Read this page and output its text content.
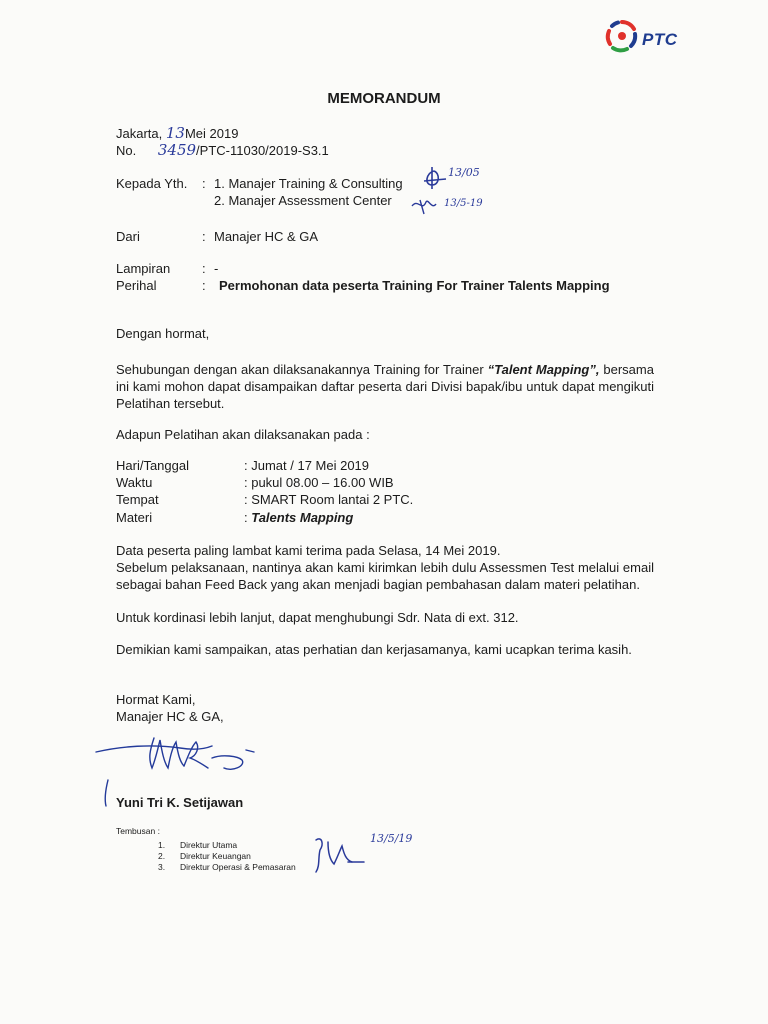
PTC
MEMORANDUM
Jakarta, 13Mei 2019
No. 3459/PTC-11030/2019-S3.1
Kepada Yth. : 1. Manajer Training & Consulting
2. Manajer Assessment Center
13/05
13/5-19
Dari	: Manajer HC & GA
Lampiran : -
Perihal	: Permohonan data peserta Training For Trainer Talents Mapping
Dengan hormat,
Sehubungan dengan akan dilaksanakannya Training for Trainer “Talent Mapping”, bersama ini kami mohon dapat disampaikan daftar peserta dari Divisi bapak/ibu untuk dapat mengikuti Pelatihan tersebut.
Adapun Pelatihan akan dilaksanakan pada :
Hari/Tanggal	: Jumat / 17 Mei 2019
Waktu	: pukul 08.00 – 16.00 WIB
Tempat	: SMART Room lantai 2 PTC.
Materi	: Talents Mapping
Data peserta paling lambat kami terima pada Selasa, 14 Mei 2019.
Sebelum pelaksanaan, nantinya akan kami kirimkan lebih dulu Assessmen Test melalui email sebagai bahan Feed Back yang akan menjadi bagian pembahasan dalam materi pelatihan.
Untuk kordinasi lebih lanjut, dapat menghubungi Sdr. Nata di ext. 312.
Demikian kami sampaikan, atas perhatian dan kerjasamanya, kami ucapkan terima kasih.
Hormat Kami,
Manajer HC & GA,
Yuni Tri K. Setijawan
Tembusan :
1. Direktur Utama
2. Direktur Keuangan
3. Direktur Operasi & Pemasaran
13/5/19
